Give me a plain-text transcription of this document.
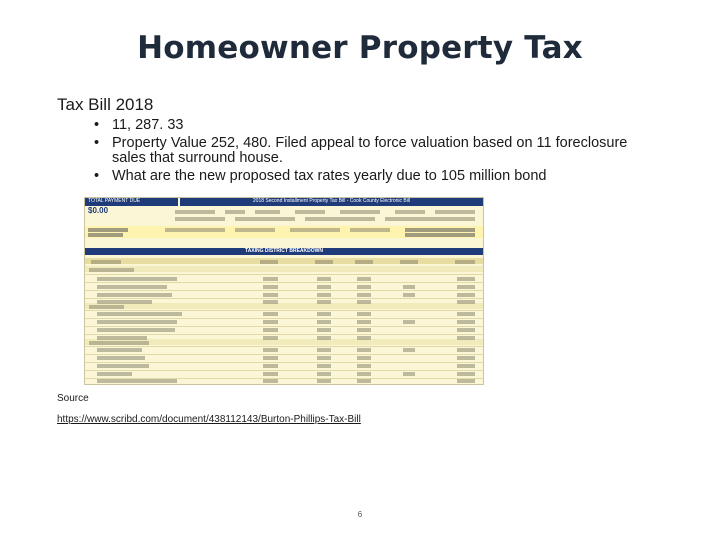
Homeowner Property Tax
Tax Bill 2018
• 11, 287. 33
• Property Value 252, 480. Filed appeal to force valuation based on 11 foreclosure sales that surround house.
• What are the new proposed tax rates yearly due to 105 million bond
TOTAL PAYMENT DUE	2018 Second Installment Property Tax Bill - Cook County Electronic Bill
$0.00
TAXING DISTRICT BREAKDOWN
Source
https://www.scribd.com/document/438112143/Burton-Phillips-Tax-Bill
6
